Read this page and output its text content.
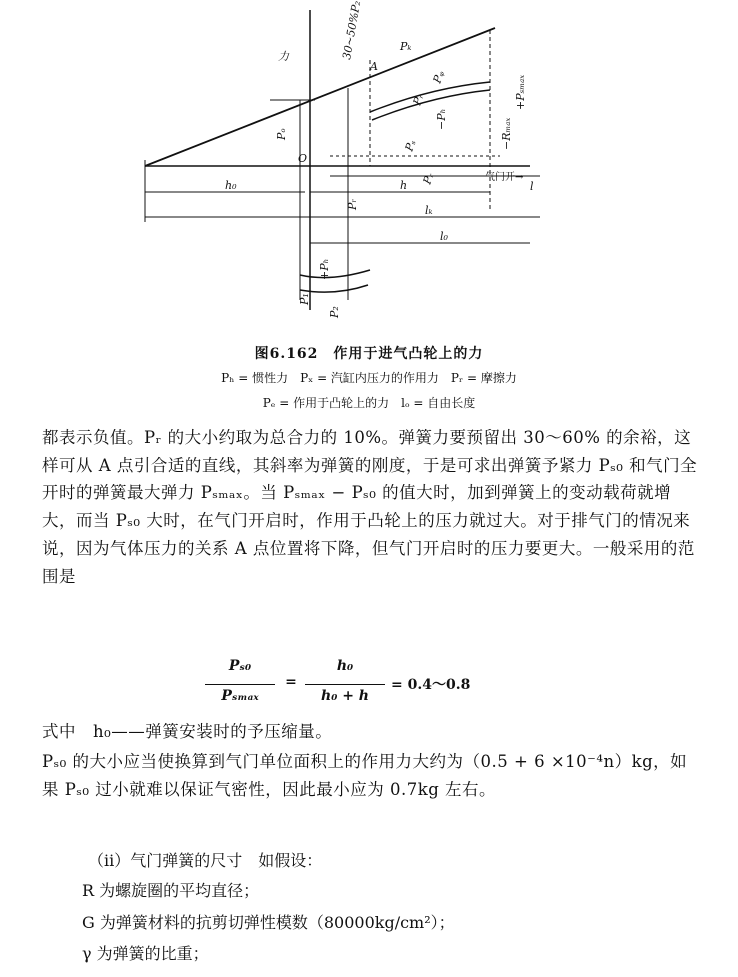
力	30~50%P₂
A
Pₖ
Pₒ
O
Pᵣ
Pᵩ
−Pₕ
Pₛ
Pᵣ
−Rₘₐₓ
+Pₛₘₐₓ
气门开→
h₀	h	l
lₖ
l₀
Pᵣ
+Pₕ
P₁
P₂
图6.162　作用于进气凸轮上的力
Pₕ = 惯性力　Pₓ = 汽缸内压力的作用力　Pᵣ = 摩擦力
Pₑ = 作用于凸轮上的力　lₒ = 自由长度
都表示负值。Pᵣ 的大小约取为总合力的 10%。弹簧力要预留出 30～60% 的余裕，这样可从 A 点引合适的直线，其斜率为弹簧的刚度，于是可求出弹簧予紧力 Pₛ₀ 和气门全开时的弹簧最大弹力 Pₛₘₐₓ。当 Pₛₘₐₓ − Pₛ₀ 的值大时，加到弹簧上的变动载荷就增大，而当 Pₛ₀ 大时，在气门开启时，作用于凸轮上的压力就过大。对于排气门的情况来说，因为气体压力的关系 A 点位置将下降，但气门开启时的压力要更大。一般采用的范围是
Pₛ₀
Pₛₘₐₓ
=
h₀
h₀ + h
= 0.4～0.8
式中　h₀——弹簧安装时的予压缩量。
Pₛ₀ 的大小应当使换算到气门单位面积上的作用力大约为（0.5 + 6 ×10⁻⁴n）kg，如果 Pₛ₀ 过小就难以保证气密性，因此最小应为 0.7kg 左右。
（ii）气门弹簧的尺寸　如假设：
R 为螺旋圈的平均直径；
G 为弹簧材料的抗剪切弹性模数（80000kg/cm²）；
γ 为弹簧的比重；
